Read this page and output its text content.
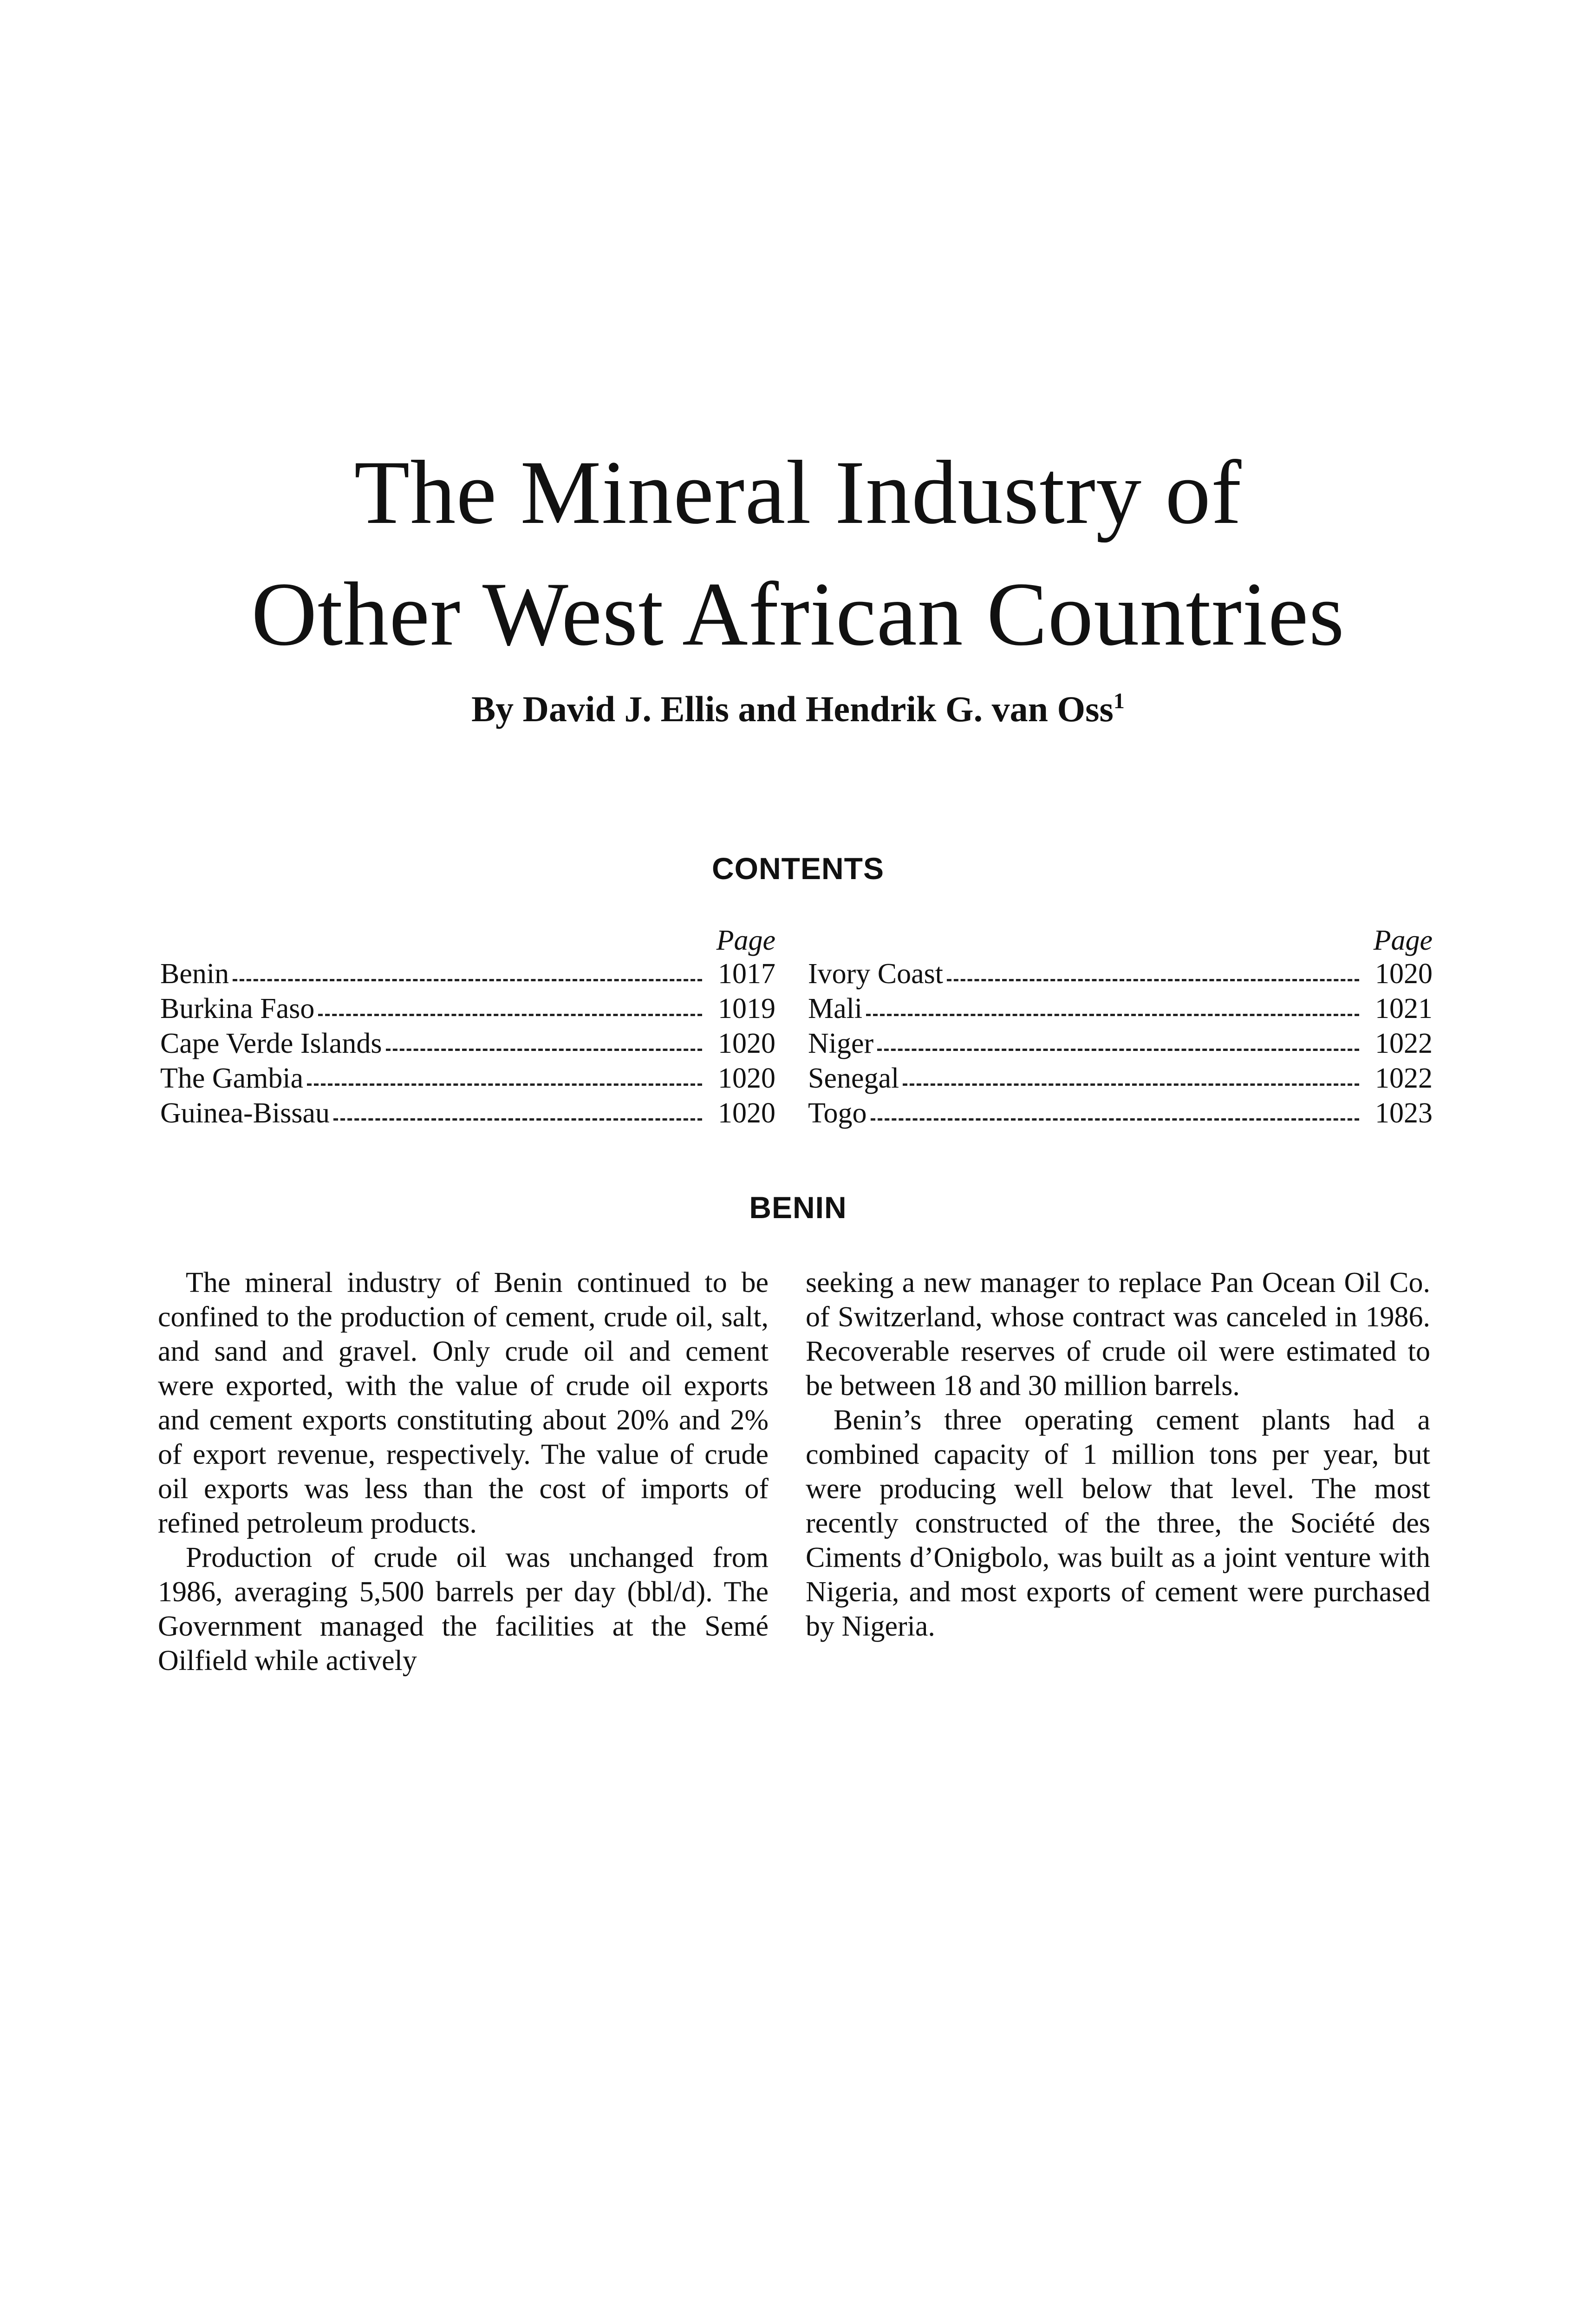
The Mineral Industry of
Other West African Countries
By David J. Ellis and Hendrik G. van Oss$^1$
CONTENTS
Page
Benin	1017
Burkina Faso	1019
Cape Verde Islands	1020
The Gambia	1020
Guinea-Bissau	1020
Page
Ivory Coast	1020
Mali	1021
Niger	1022
Senegal	1022
Togo	1023
BENIN

The mineral industry of Benin continued to be confined to the production of cement, crude oil, salt, and sand and gravel. Only crude oil and cement were exported, with the value of crude oil exports and cement exports constituting about 20% and 2% of export revenue, respectively. The value of crude oil exports was less than the cost of imports of refined petroleum products.

Production of crude oil was unchanged from 1986, averaging 5,500 barrels per day (bbl/d). The Government managed the facilities at the Semé Oilfield while actively

seeking a new manager to replace Pan Ocean Oil Co. of Switzerland, whose contract was canceled in 1986. Recoverable reserves of crude oil were estimated to be between 18 and 30 million barrels.

Benin’s three operating cement plants had a combined capacity of 1 million tons per year, but were producing well below that level. The most recently constructed of the three, the Société des Ciments d’Onigbolo, was built as a joint venture with Nigeria, and most exports of cement were purchased by Nigeria.
